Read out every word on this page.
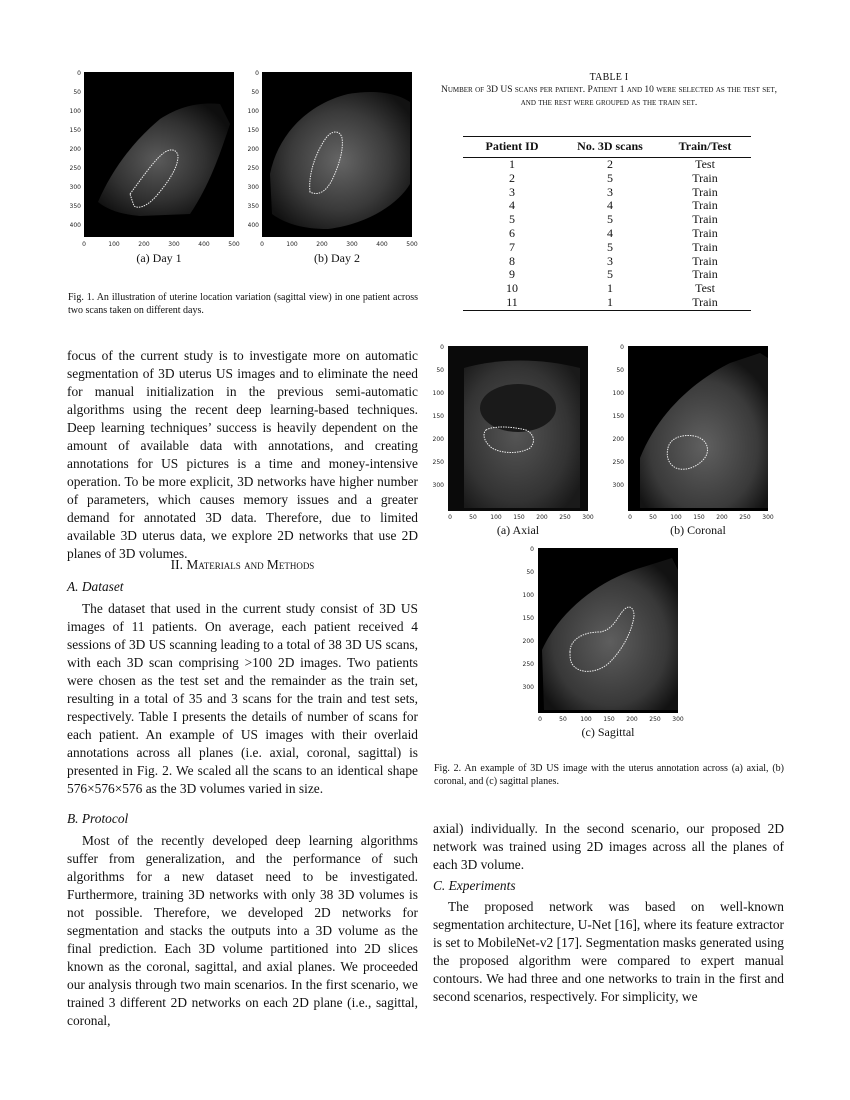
0
50
100
150
200
250
300
350
400
0	100	200	300	400	500
(a) Day 1
0
50
100
150
200
250
300
350
400
0	100	200	300	400	500
(b) Day 2

Fig. 1. An illustration of uterine location variation (sagittal view) in one patient across two scans taken on different days.

TABLE I
Number of 3D US scans per patient. Patient 1 and 10 were selected as the test set, and the rest were grouped as the train set.
Patient ID	No. 3D scans	Train/Test
1	2	Test
2	5	Train
3	3	Train
4	4	Train
5	5	Train
6	4	Train
7	5	Train
8	3	Train
9	5	Train
10	1	Test
11	1	Train
0
50
100
150
200
250
300
0	50 100 150 200 250 300
(a) Axial
0
50
100
150
200
250
300
0	50 100 150 200 250 300
(b) Coronal
0
50
100
150
200
250
300
0	50 100 150 200 250 300
(c) Sagittal

Fig. 2. An example of 3D US image with the uterus annotation across (a) axial, (b) coronal, and (c) sagittal planes.

focus of the current study is to investigate more on automatic segmentation of 3D uterus US images and to eliminate the need for manual initialization in the previous semi-automatic algorithms using the recent deep learning-based techniques. Deep learning techniques’ success is heavily dependent on the amount of available data with annotations, and creating annotations for US pictures is a time and money-intensive operation. To be more explicit, 3D networks have higher number of parameters, which causes memory issues and a greater demand for annotated 3D data. Therefore, due to limited available 3D uterus data, we explore 2D networks that use 2D planes of 3D volumes.

II. Materials and Methods

A. Dataset

The dataset that used in the current study consist of 3D US images of 11 patients. On average, each patient received 4 sessions of 3D US scanning leading to a total of 38 3D US scans, with each 3D scan comprising >100 2D images. Two patients were chosen as the test set and the remainder as the train set, resulting in a total of 35 and 3 scans for the train and test sets, respectively. Table I presents the details of number of scans for each patient. An example of US images with their overlaid annotations across all planes (i.e. axial, coronal, sagittal) is presented in Fig. 2. We scaled all the scans to an identical shape 576×576×576 as the 3D volumes varied in size.

B. Protocol

Most of the recently developed deep learning algorithms suffer from generalization, and the performance of such algorithms for a new dataset need to be investigated. Furthermore, training 3D networks with only 38 3D volumes is not possible. Therefore, we developed 2D networks for segmentation and stacks the outputs into a 3D volume as the final prediction. Each 3D volume partitioned into 2D slices known as the coronal, sagittal, and axial planes. We proceeded our analysis through two main scenarios. In the first scenario, we trained 3 different 2D networks on each 2D plane (i.e., sagittal, coronal,

axial) individually. In the second scenario, our proposed 2D network was trained using 2D images across all the planes of each 3D volume.

C. Experiments

The proposed network was based on well-known segmentation architecture, U-Net [16], where its feature extractor is set to MobileNet-v2 [17]. Segmentation masks generated using the proposed algorithm were compared to expert manual contours. We had three and one networks to train in the first and second scenarios, respectively. For simplicity, we
